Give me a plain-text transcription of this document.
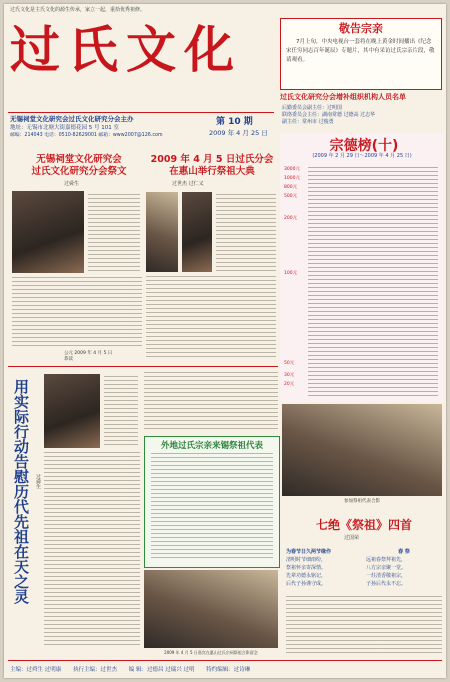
过氏文化是主氏文化的源生传承，家立一起，重拾优秀祖修。
过氏文化
无锡祠堂文化研究会过氏文化研究分会主办
地址：无锡市北塘大街嘉德花园 5 号 101 室
邮编：214043 电话：0510-82629001 邮箱：www2007@126.com
第 10 期
2009 年 4 月 25 日
敬告宗亲
7月上旬，中央电视台一套将在晚上黄金时间播出《纪念宋任穷同志百年诞辰》专题片，其中有采访过氏宗亲片段，敬请观看。
过氏文化研究分会增补组织机构人员名单
后勤委员会副主任：过明国
联络委员会主任：湖南常德 过德高 过志华
副主任：常州市 过俊勇
宗德榜(十)
(2009 年 2 月 29 日～2009 年 4 月 25 日)
3000元
1000元
800元
500元
200元
100元
50元
30元
20元
无锡祠堂文化研究会
过氏文化研究分会祭文
过舜生
公元 2009 年 4 月 5 日
恭读
2009 年 4 月 5 日过氏分会
在惠山举行祭祖大典
过世杰 过仁义
用实际行动告慰历代先祖在天之灵 过舜生
外地过氏宗亲来锡祭祖代表
参加祭祖代表合影
七绝《祭祖》四首
过国荣
为春节日久两节缘作
清明时节细雨纷，
祭祖怀亲寄深情。
先辈功德永铭记，
后代子孙谨守成。
春 祭
远祖春祭拜祖先，
八方宗亲聚一堂。
一炷清香敬祖宗，
子孙后代永不忘。
2009 年 4 月 5 日嘉宾在惠山过氏宗祠祭祖合影留念
主编：过舜生 过明康 执行主编：过世杰 编 辑：过德昌 过瑞兴 过明 特约编辑：过诗琳
